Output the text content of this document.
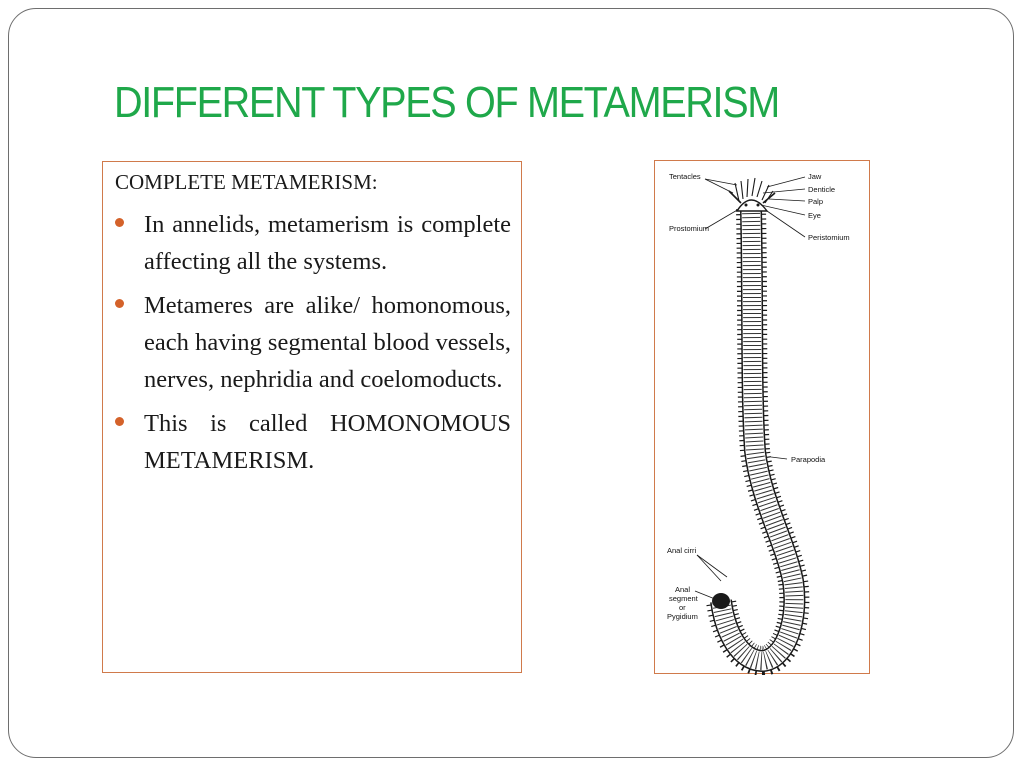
DIFFERENT TYPES OF METAMERISM
COMPLETE METAMERISM:
In annelids, metamerism is complete affecting all the systems.
Metameres are alike/ homonomous, each having segmental blood vessels, nerves, nephridia and coelomoducts.
This is called HOMONOMOUS METAMERISM.
Tentacles
Prostomium
Jaw
Denticle
Palp
Eye
Peristomium
Parapodia
Anal cirri
Anal
segment
or
Pygidium
